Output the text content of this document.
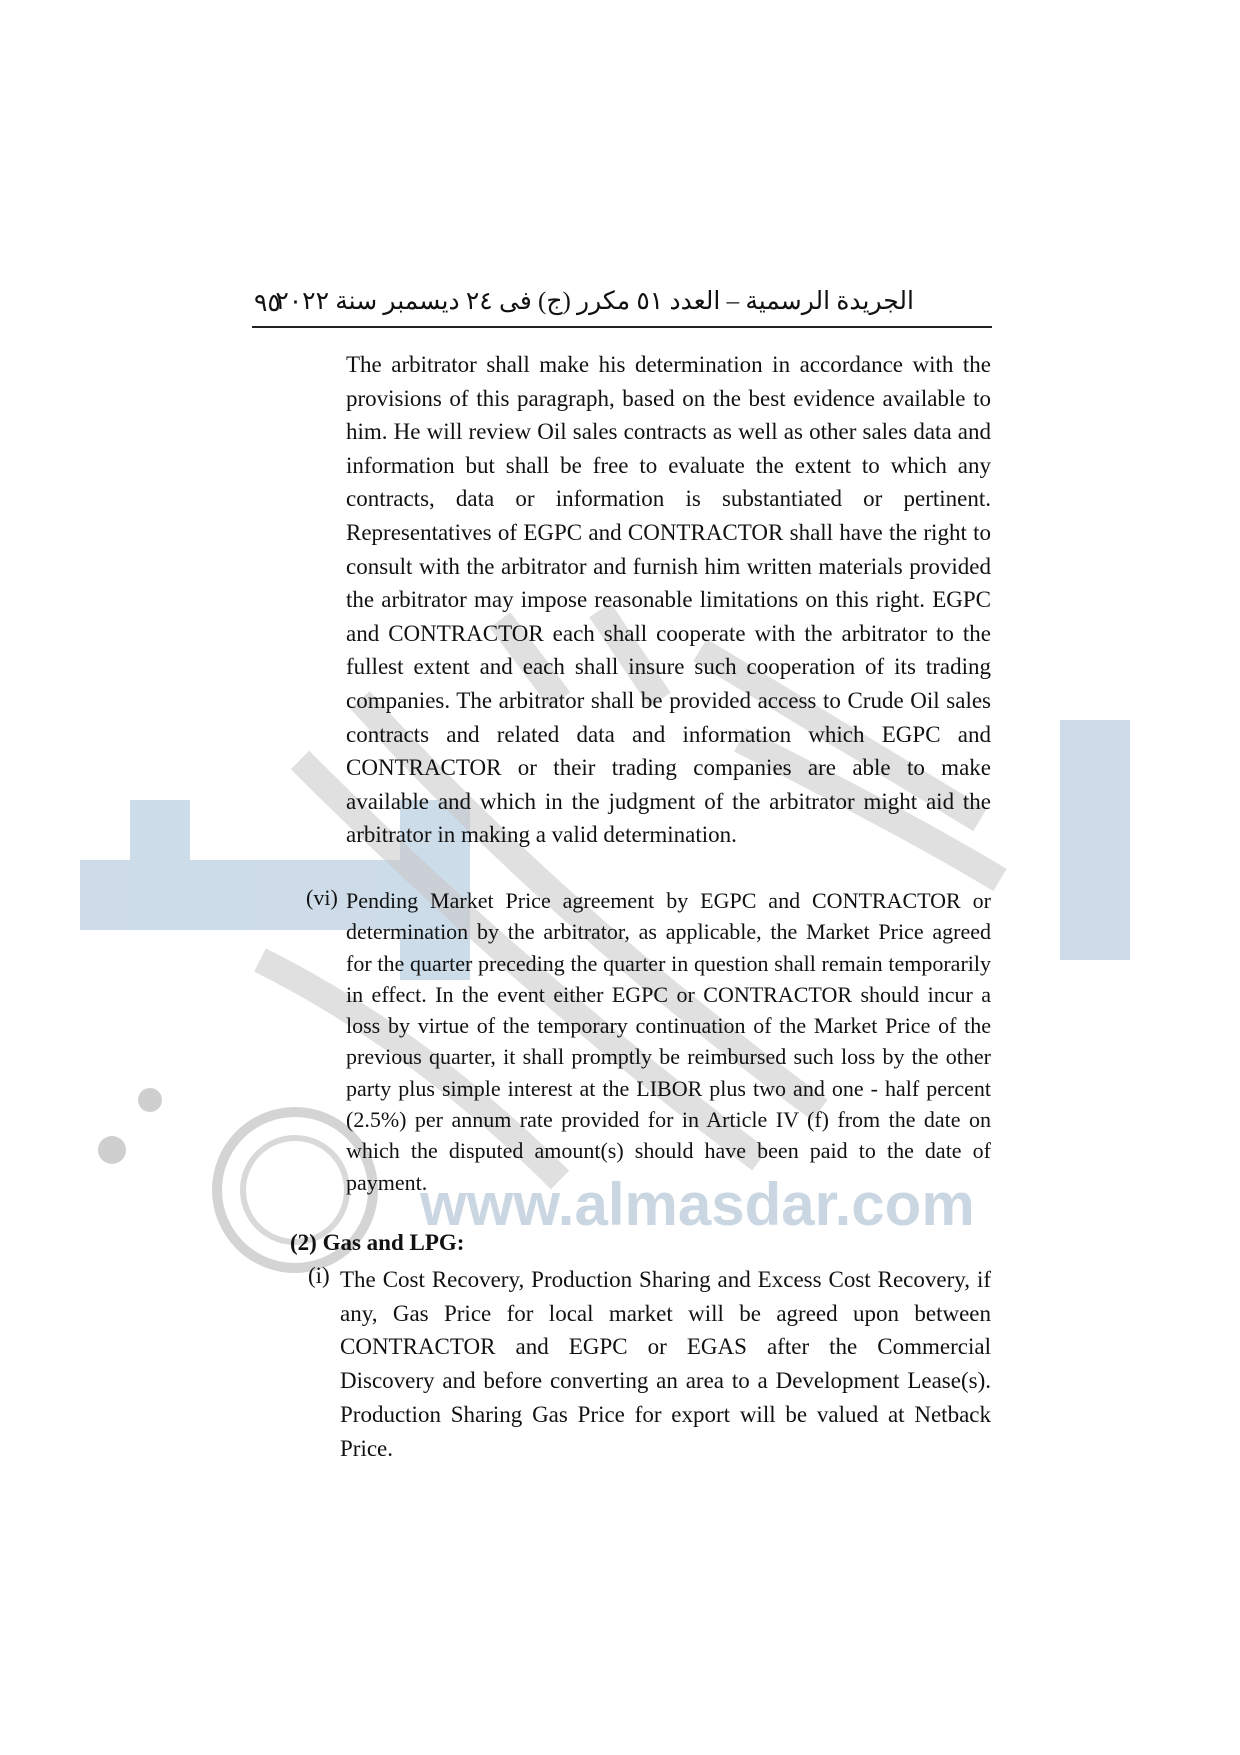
www.almasdar.com
٩٥
الجريدة الرسمية – العدد ٥١ مكرر (ج) فى ٢٤ ديسمبر سنة ٢٠٢٢

The arbitrator shall make his determination in accordance with the provisions of this paragraph, based on the best evidence available to him. He will review Oil sales contracts as well as other sales data and information but shall be free to evaluate the extent to which any contracts, data or information is substantiated or pertinent. Representatives of EGPC and CONTRACTOR shall have the right to consult with the arbitrator and furnish him written materials provided the arbitrator may impose reasonable limitations on this right. EGPC and CONTRACTOR each shall cooperate with the arbitrator to the fullest extent and each shall insure such cooperation of its trading companies. The arbitrator shall be provided access to Crude Oil sales contracts and related data and information which EGPC and CONTRACTOR or their trading companies are able to make available and which in the judgment of the arbitrator might aid the arbitrator in making a valid determination.

(vi) Pending Market Price agreement by EGPC and CONTRACTOR or determination by the arbitrator, as applicable, the Market Price agreed for the quarter preceding the quarter in question shall remain temporarily in effect. In the event either EGPC or CONTRACTOR should incur a loss by virtue of the temporary continuation of the Market Price of the previous quarter, it shall promptly be reimbursed such loss by the other party plus simple interest at the LIBOR plus two and one - half percent (2.5%) per annum rate provided for in Article IV (f) from the date on which the disputed amount(s) should have been paid to the date of payment.

(2) Gas and LPG:
(i) The Cost Recovery, Production Sharing and Excess Cost Recovery, if any, Gas Price for local market will be agreed upon between CONTRACTOR and EGPC or EGAS after the Commercial Discovery and before converting an area to a Development Lease(s). Production Sharing Gas Price for export will be valued at Netback Price.
